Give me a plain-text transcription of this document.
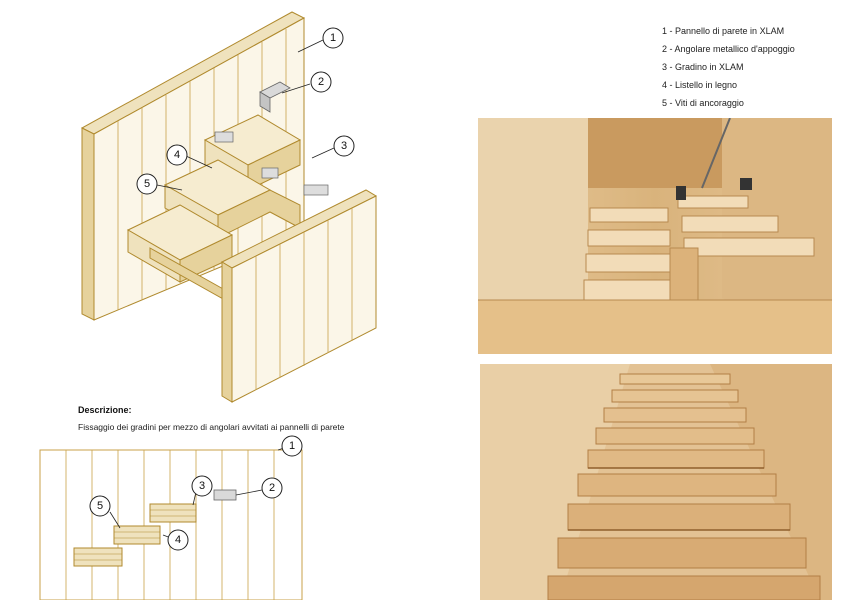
1 - Pannello di parete in XLAM
2 - Angolare metallico d'appoggio
3 - Gradino in XLAM
4 - Listello in legno
5 - Viti di ancoraggio
1
2
3
4
5
Descrizione:
Fissaggio dei gradini per mezzo di angolari avvitati ai pannelli di parete
1
2
3
4
5
